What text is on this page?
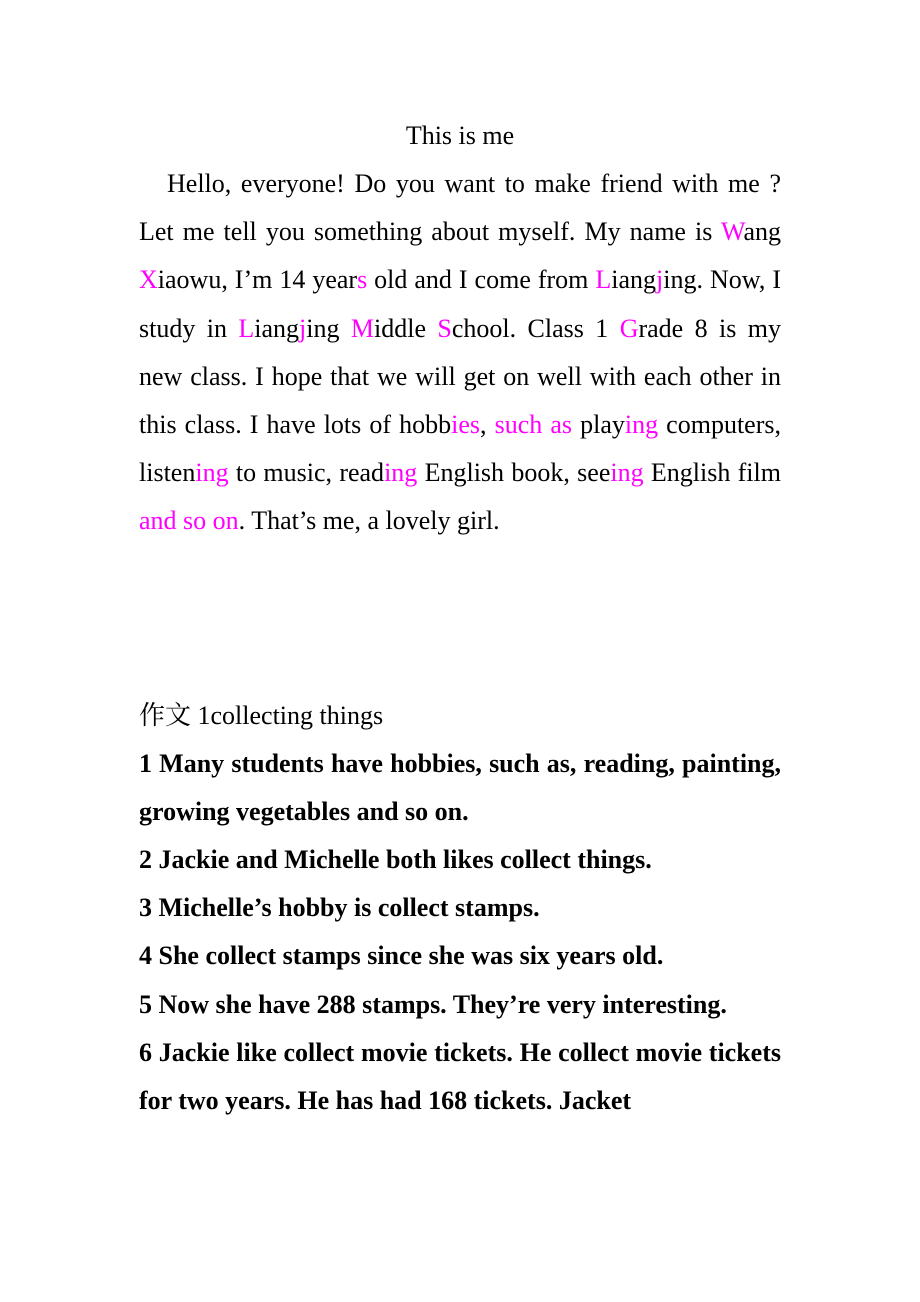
This is me

Hello, everyone! Do you want to make friend with me ? Let me tell you something about myself. My name is Wang Xiaowu, I’m 14 years old and I come from Liangjing. Now, I study in Liangjing Middle School. Class 1 Grade 8 is my new class. I hope that we will get on well with each other in this class. I have lots of hobbies, such as playing computers, listening to music, reading English book, seeing English film and so on. That’s me, a lovely girl.

作文 1collecting things

1 Many students have hobbies, such as, reading, painting, growing vegetables and so on.

2 Jackie and Michelle both likes collect things.

3 Michelle’s hobby is collect stamps.

4 She collect stamps since she was six years old.

5 Now she have 288 stamps. They’re very interesting.

6 Jackie like collect movie tickets. He collect movie tickets for two years. He has had 168 tickets. Jacket
